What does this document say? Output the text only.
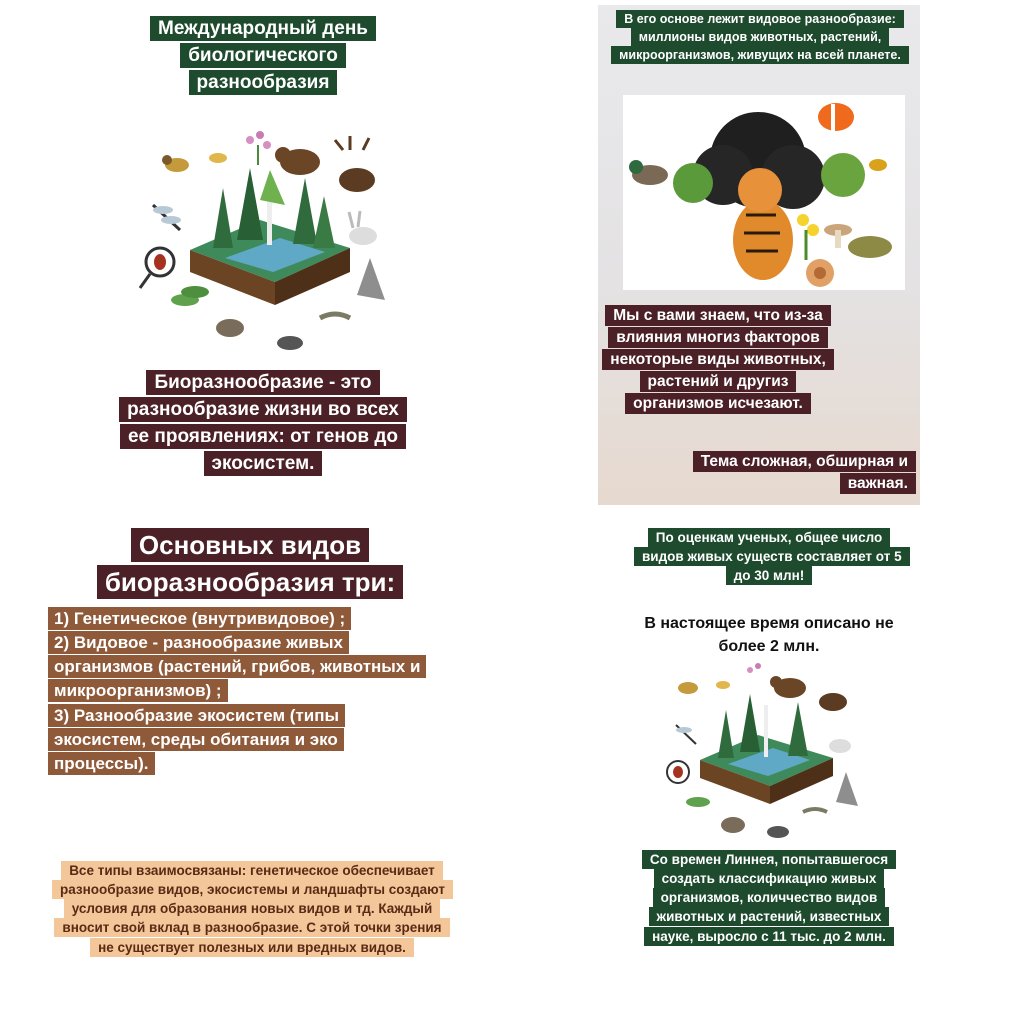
Международный день биологического разнообразия
Биоразнообразие - это разнообразие жизни во всех ее проявлениях: от генов до экосистем.
В его основе лежит видовое разнообразие: миллионы видов животных, растений, микроорганизмов, живущих на всей планете.
Мы с вами знаем, что из-за влияния многиз факторов некоторые виды животных, растений и другиз организмов исчезают.
Тема сложная, обширная и важная.
Основных видов биоразнообразия три:
1) Генетическое (внутривидовое) ;
2) Видовое - разнообразие живых организмов (растений, грибов, животных и микроорганизмов) ;
3) Разнообразие экосистем (типы экосистем, среды обитания и эко процессы).
Все типы взаимосвязаны: генетическое обеспечивает разнообразие видов, экосистемы и ландшафты создают условия для образования новых видов и тд. Каждый вносит свой вклад в разнообразие. С этой точки зрения не существует полезных или вредных видов.
По оценкам ученых, общее число видов живых существ составляет от 5 до 30 млн!
В настоящее время описано не более 2 млн.
Со времен Линнея, попытавшегося создать классификацию живых организмов, количчество видов животных и растений, известных науке, выросло с 11 тыс. до 2 млн.
